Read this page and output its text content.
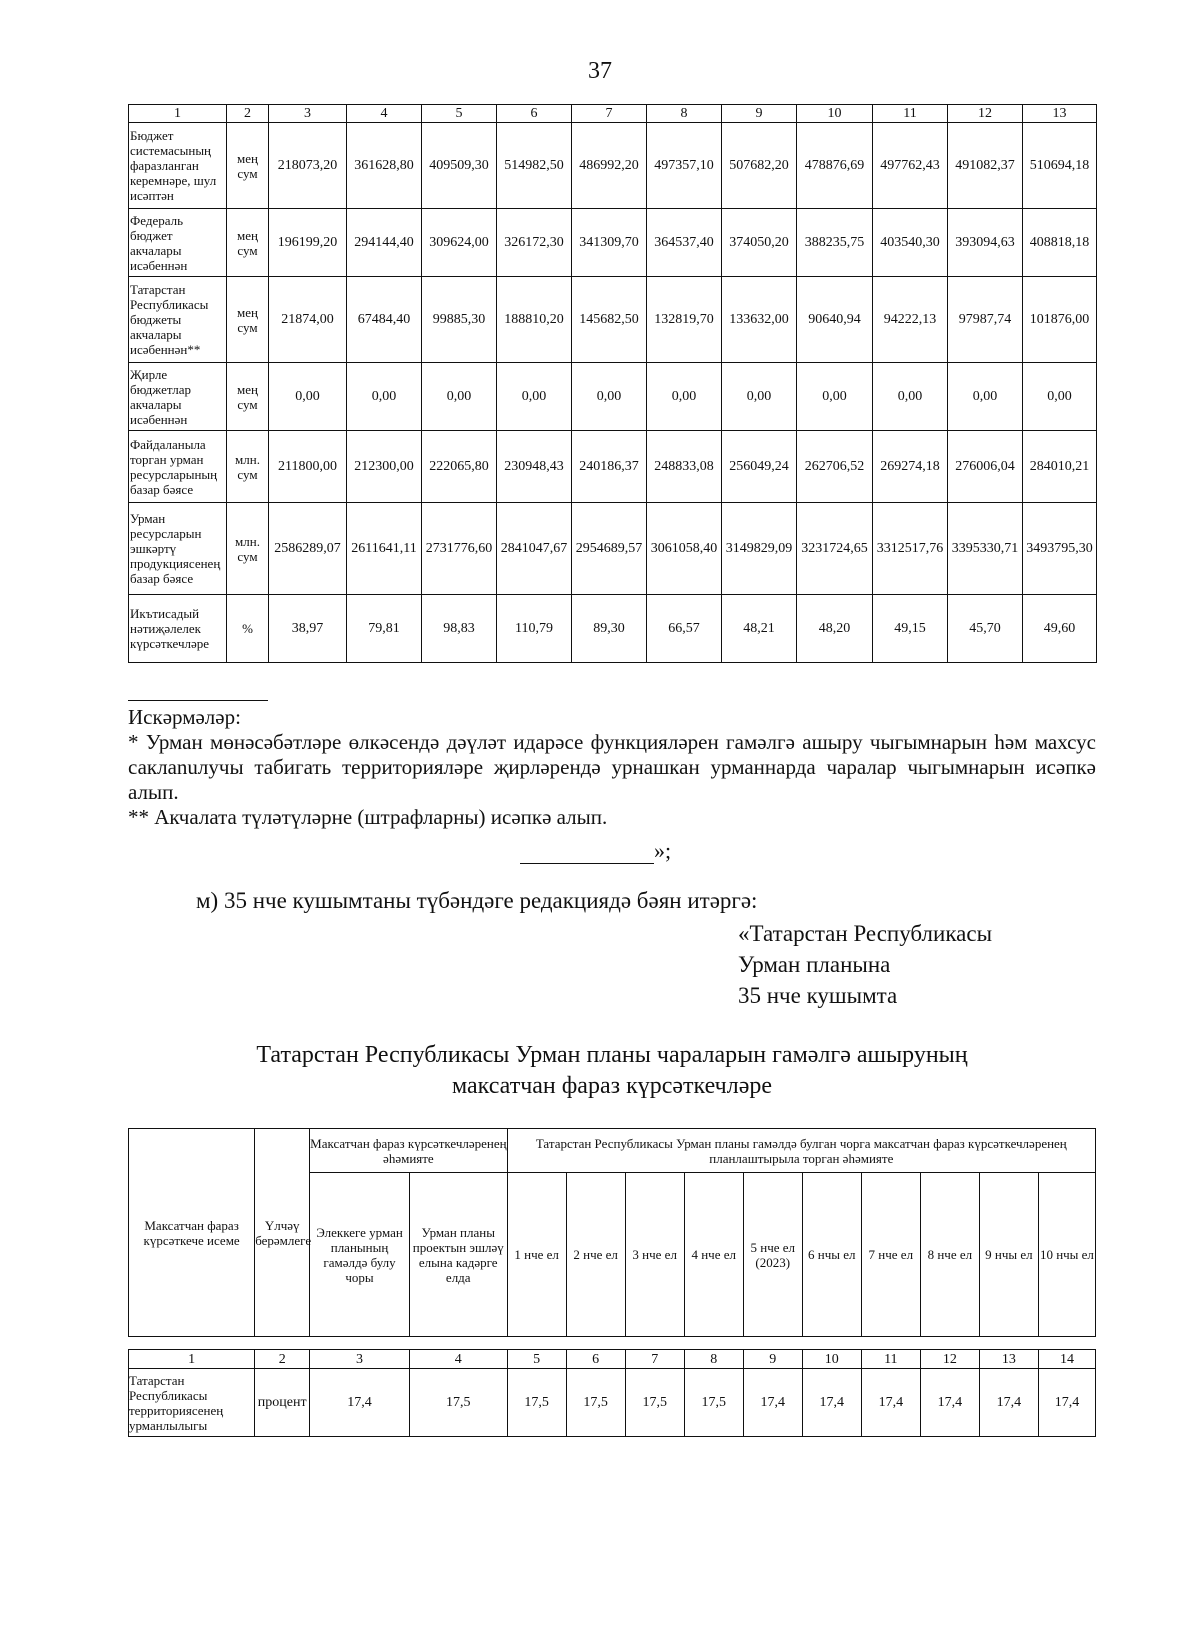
37
1	2	3	4	5	6	7	8	9	10	11	12	13
Бюджет системасының фаразланган керемнәре, шул исәптән	мең сум	218073,20	361628,80	409509,30	514982,50	486992,20	497357,10	507682,20	478876,69	497762,43	491082,37	510694,18
Федераль бюджет акчалары исәбеннән	мең сум	196199,20	294144,40	309624,00	326172,30	341309,70	364537,40	374050,20	388235,75	403540,30	393094,63	408818,18
Татарстан Республикасы бюджеты акчалары исәбеннән**	мең сум	21874,00	67484,40	99885,30	188810,20	145682,50	132819,70	133632,00	90640,94	94222,13	97987,74	101876,00
Җирле бюджетлар акчалары исәбеннән	мең сум	0,00	0,00	0,00	0,00	0,00	0,00	0,00	0,00	0,00	0,00	0,00
Файдаланыла торган урман ресурсларының базар бәясе	млн. сум	211800,00	212300,00	222065,80	230948,43	240186,37	248833,08	256049,24	262706,52	269274,18	276006,04	284010,21
Урман ресурсларын эшкәртү продукциясенең базар бәясе	млн. сум	2586289,07	2611641,11	2731776,60	2841047,67	2954689,57	3061058,40	3149829,09	3231724,65	3312517,76	3395330,71	3493795,30
Икътисадый нәтиҗәлелек күрсәткечләре	%	38,97	79,81	98,83	110,79	89,30	66,57	48,21	48,20	49,15	45,70	49,60

Искәрмәләр:

* Урман мөнәсәбәтләре өлкәсендә дәүләт идарәсе функцияләрен гамәлгә ашыру чыгымнарын һәм махсус саклanuлучы табигать территорияләре җирләрендә урнашкан урманнарда чаралар чыгымнарын исәпкә алып.

** Акчалата түләтүләрне (штрафларны) исәпкә алып.

»;
м) 35 нче кушымтаны түбәндәге редакциядә бәян итәргә:
«Татарстан Республикасы
Урман планына
35 нче кушымта
Татарстан Республикасы Урман планы чараларын гамәлгә ашыруның
максатчан фараз күрсәткечләре
Максатчан фараз күрсәткече исеме	Үлчәү берәмлеге	Максатчан фараз күрсәткечләренең әһәмияте		Татарстан Республикасы Урман планы гамәлдә булган чорга максатчан фараз күрсәткечләренең планлаштырыла торган әһәмияте									
		Элеккеге урман планының гамәлдә булу чоры	Урман планы проектын эшләү елына кадәрге елда	1 нче ел	2 нче ел	3 нче ел	4 нче ел	5 нче ел (2023)	6 нчы ел	7 нче ел	8 нче ел	9 нчы ел	10 нчы ел
1	2	3	4	5	6	7	8	9	10	11	12	13	14
Татарстан Республикасы территориясенең урманлылыгы	процент	17,4	17,5	17,5	17,5	17,5	17,5	17,4	17,4	17,4	17,4	17,4	17,4
